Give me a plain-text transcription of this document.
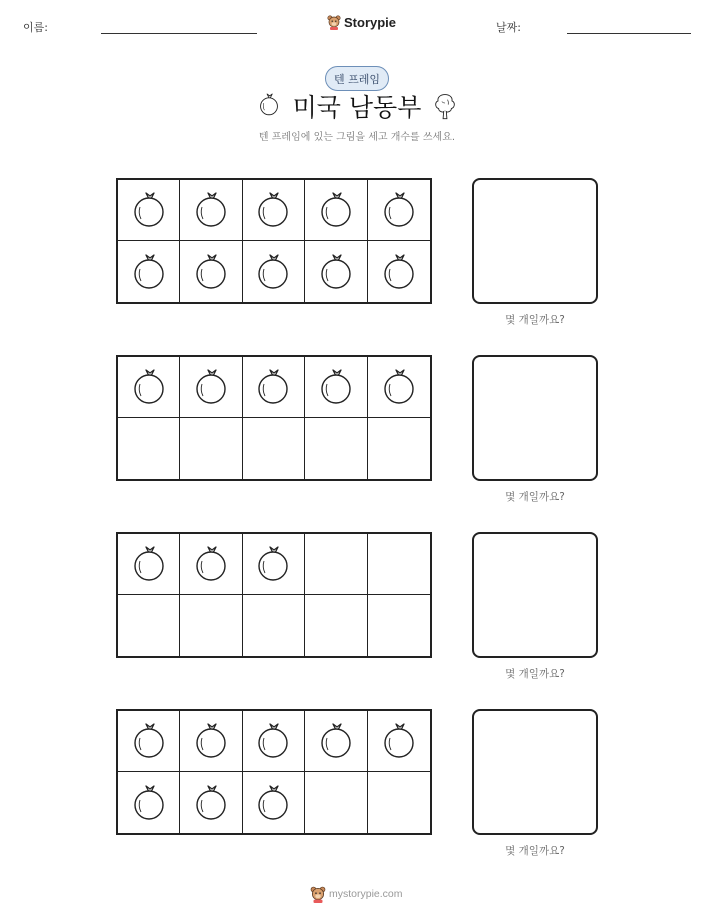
이름:	Storypie	날짜:
텐 프레임
미국 남동부
텐 프레임에 있는 그림을 세고 개수를 쓰세요.
몇 개일까요?
몇 개일까요?
몇 개일까요?
몇 개일까요?
mystorypie.com
